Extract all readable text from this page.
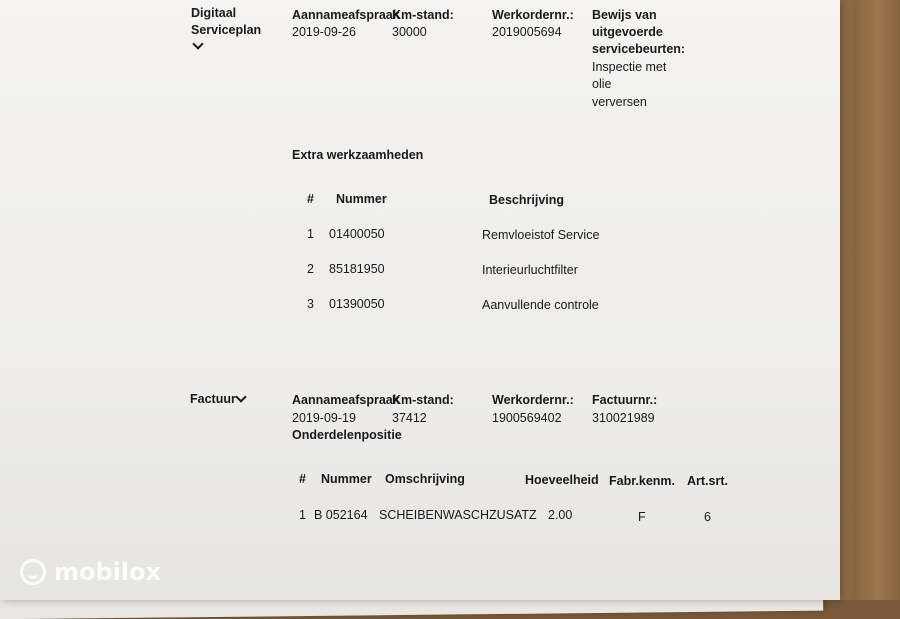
​
Digitaal
Serviceplan
Aannameafspraak
2019-09-26
Km-stand:
30000
Werkordernr.:
2019005694
Bewijs van
uitgevoerde
servicebeurten:
Inspectie met
olie
verversen
Extra werkzaamheden
# Nummer	Beschrijving
1 01400050	Remvloeistof Service
2 85181950	Interieurluchtfilter
3 01390050	Aanvullende controle
Factuur	Aannameafspraak
2019-09-19
Km-stand:
37412
Werkordernr.:
1900569402
Factuurnr.:
310021989
Onderdelenpositie
# Nummer Omschrijving	Hoeveelheid Fabr.kenm. Art.srt.
1 B 052164 SCHEIBENWASCHZUSATZ 2.00	F	6
mobilox
